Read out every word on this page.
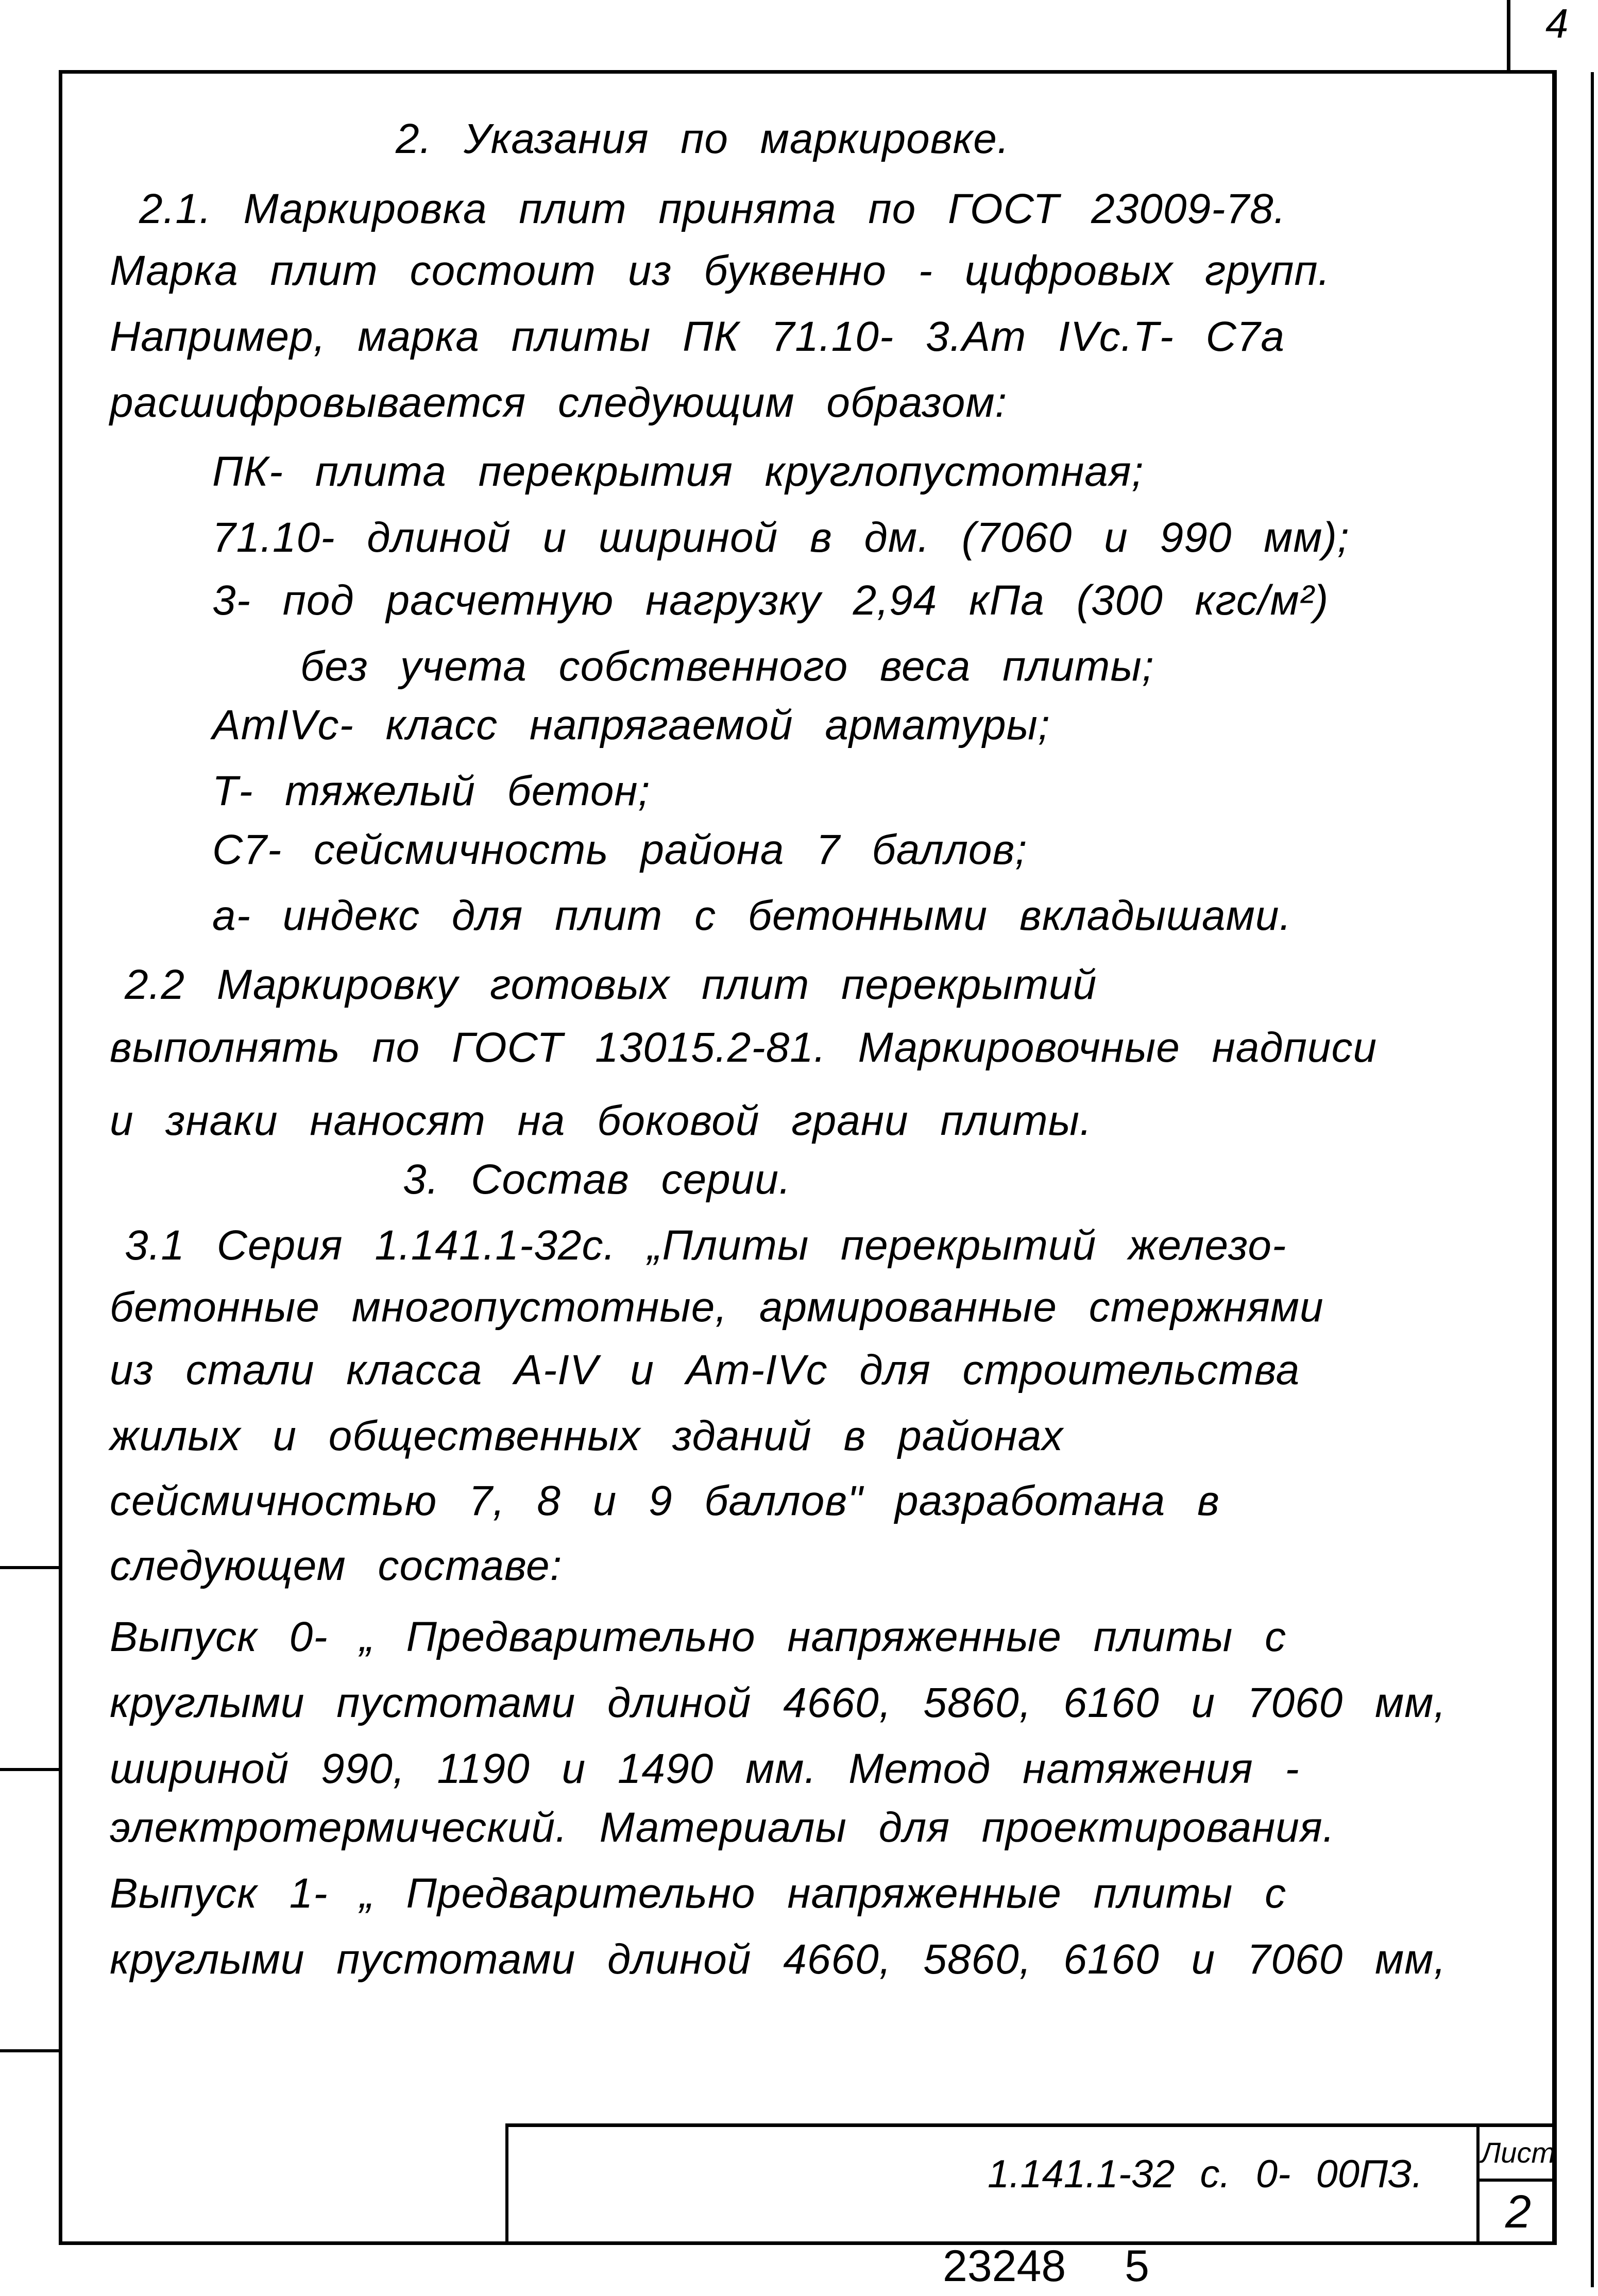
4
2. Указания по маркировке.
2.1. Маркировка плит принята по ГОСТ 23009-78.
Марка плит состоит из буквенно - цифровых групп.
Например, марка плиты ПК 71.10- 3.Ат IVс.Т- С7а
расшифровывается следующим образом:
ПК- плита перекрытия круглопустотная;
71.10- длиной и шириной в дм. (7060 и 990 мм);
3- под расчетную нагрузку 2,94 кПа (300 кгс/м²)
без учета собственного веса плиты;
АтIVс- класс напрягаемой арматуры;
Т- тяжелый бетон;
С7- сейсмичность района 7 баллов;
а- индекс для плит с бетонными вкладышами.
2.2 Маркировку готовых плит перекрытий
выполнять по ГОСТ 13015.2-81. Маркировочные надписи
и знаки наносят на боковой грани плиты.
3. Состав серии.
3.1 Серия 1.141.1-32с. „Плиты перекрытий железо-
бетонные многопустотные, армированные стержнями
из стали класса A-IV и Aт-IVс для строительства
жилых и общественных зданий в районах
сейсмичностью 7, 8 и 9 баллов" разработана в
следующем составе:
Выпуск 0- „ Предварительно напряженные плиты с
круглыми пустотами длиной 4660, 5860, 6160 и 7060 мм,
шириной 990, 1190 и 1490 мм. Метод натяжения -
электротермический. Материалы для проектирования.
Выпуск 1- „ Предварительно напряженные плиты с
круглыми пустотами длиной 4660, 5860, 6160 и 7060 мм,
1.141.1-32 с. 0- 00ПЗ. Лист
2
23248 5
